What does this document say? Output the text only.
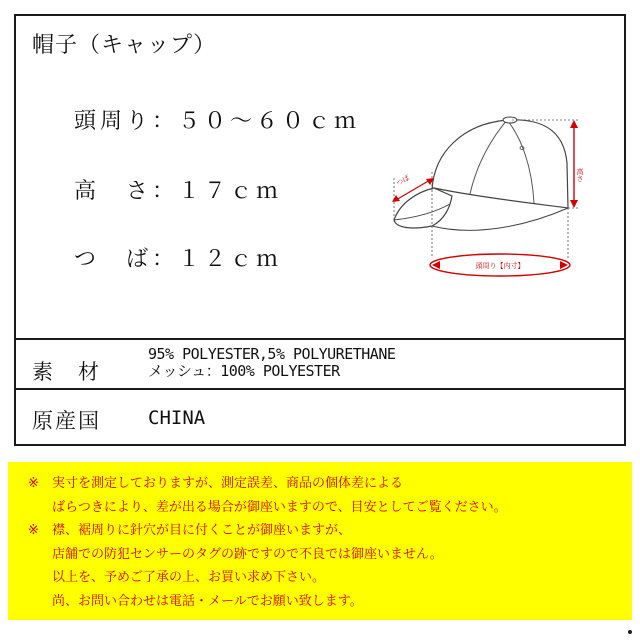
帽子（キャップ）
頭周り：５０～６０ｃｍ
高　さ：１７ｃｍ
つ　ば：１２ｃｍ
高さ
つば
頭周り【内寸】
素　材
95% POLYESTER,5% POLYURETHANE
メッシュ：100% POLYESTER
原産国 CHINA
※ 実寸を測定しておりますが、測定誤差、商品の個体差による
ばらつきにより、差が出る場合が御座いますので、目安としてご覧ください。
※ 襟、裾周りに針穴が目に付くことが御座いますが、
店舗での防犯センサーのタグの跡ですので不良では御座いません。
以上を、予めご了承の上、お買い求め下さい。
尚、お問い合わせは電話・メールでお願い致します。
